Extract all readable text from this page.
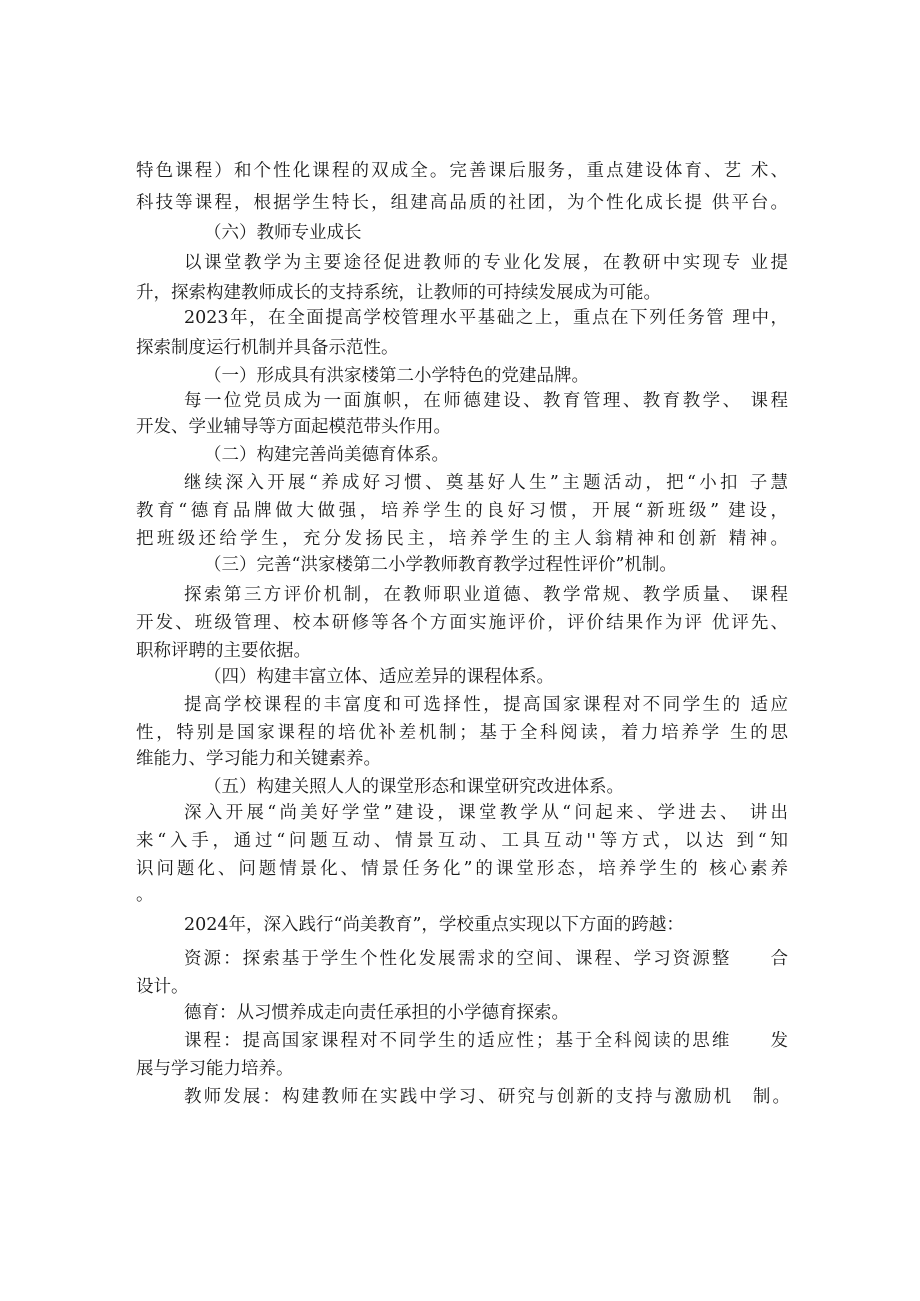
特色课程）和个性化课程的双成全。完善课后服务，重点建设体育、艺 术、
科技等课程，根据学生特长，组建高品质的社团，为个性化成长提 供平台。
（六）教师专业成长
以课堂教学为主要途径促进教师的专业化发展，在教研中实现专 业提
升，探索构建教师成长的支持系统，让教师的可持续发展成为可能。
2023年，在全面提高学校管理水平基础之上，重点在下列任务管 理中，
探索制度运行机制并具备示范性。
（一）形成具有洪家楼第二小学特色的党建品牌。
每一位党员成为一面旗帜，在师德建设、教育管理、教育教学、 课程
开发、学业辅导等方面起模范带头作用。
（二）构建完善尚美德育体系。
继续深入开展“养成好习惯、奠基好人生”主题活动，把“小扣 子慧
教育“德育品牌做大做强，培养学生的良好习惯，开展“新班级” 建设，
把班级还给学生，充分发扬民主，培养学生的主人翁精神和创新 精神。
（三）完善“洪家楼第二小学教师教育教学过程性评价”机制。
探索第三方评价机制，在教师职业道德、教学常规、教学质量、 课程
开发、班级管理、校本研修等各个方面实施评价，评价结果作为评 优评先、
职称评聘的主要依据。
（四）构建丰富立体、适应差异的课程体系。
提高学校课程的丰富度和可选择性，提高国家课程对不同学生的 适应
性，特别是国家课程的培优补差机制；基于全科阅读，着力培养学 生的思
维能力、学习能力和关键素养。
（五）构建关照人人的课堂形态和课堂研究改进体系。
深入开展“尚美好学堂”建设，课堂教学从“问起来、学进去、 讲出
来“入手，通过“问题互动、情景互动、工具互动''等方式，以达 到“知
识问题化、问题情景化、情景任务化”的课堂形态，培养学生的 核心素养
。
2024年，深入践行“尚美教育”，学校重点实现以下方面的跨越：
资源：探索基于学生个性化发展需求的空间、课程、学习资源整　　合
设计。
德育：从习惯养成走向责任承担的小学德育探索。
课程：提高国家课程对不同学生的适应性；基于全科阅读的思维　　发
展与学习能力培养。
教师发展：构建教师在实践中学习、研究与创新的支持与激励机　制。
